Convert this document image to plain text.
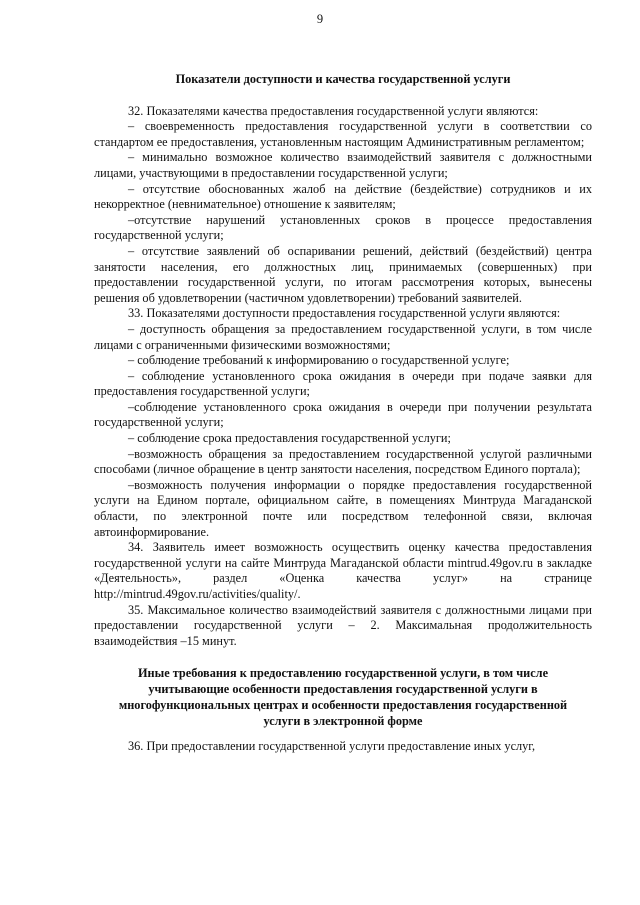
9

Показатели доступности и качества государственной услуги

32. Показателями качества предоставления государственной услуги являются:

– своевременность предоставления государственной услуги в соответствии со стандартом ее предоставления, установленным настоящим Административным регламентом;

– минимально возможное количество взаимодействий заявителя с должностными лицами, участвующими в предоставлении государственной услуги;

– отсутствие обоснованных жалоб на действие (бездействие) сотрудников и их некорректное (невнимательное) отношение к заявителям;

–отсутствие нарушений установленных сроков в процессе предоставления государственной услуги;

– отсутствие заявлений об оспаривании решений, действий (бездействий) центра занятости населения, его должностных лиц, принимаемых (совершенных) при предоставлении государственной услуги, по итогам рассмотрения которых, вынесены решения об удовлетворении (частичном удовлетворении) требований заявителей.

33. Показателями доступности предоставления государственной услуги являются:

– доступность обращения за предоставлением государственной услуги, в том числе лицами с ограниченными физическими возможностями;

– соблюдение требований к информированию о государственной услуге;

– соблюдение установленного срока ожидания в очереди при подаче заявки для предоставления государственной услуги;

–соблюдение установленного срока ожидания в очереди при получении результата государственной услуги;

– соблюдение срока предоставления государственной услуги;

–возможность обращения за предоставлением государственной услугой различными способами (личное обращение в центр занятости населения, посредством Единого портала);

–возможность получения информации о порядке предоставления государственной услуги на Едином портале, официальном сайте, в помещениях Минтруда Магаданской области, по электронной почте или посредством телефонной связи, включая автоинформирование.

34. Заявитель имеет возможность осуществить оценку качества предоставления государственной услуги на сайте Минтруда Магаданской области mintrud.49gov.ru в закладке «Деятельность», раздел «Оценка качества услуг» на странице http://mintrud.49gov.ru/activities/quality/.

35. Максимальное количество взаимодействий заявителя с должностными лицами при предоставлении государственной услуги – 2. Максимальная продолжительность взаимодействия –15 минут.

Иные требования к предоставлению государственной услуги, в том числе учитывающие особенности предоставления государственной услуги в многофункциональных центрах и особенности предоставления государственной услуги в электронной форме

36. При предоставлении государственной услуги предоставление иных услуг,
